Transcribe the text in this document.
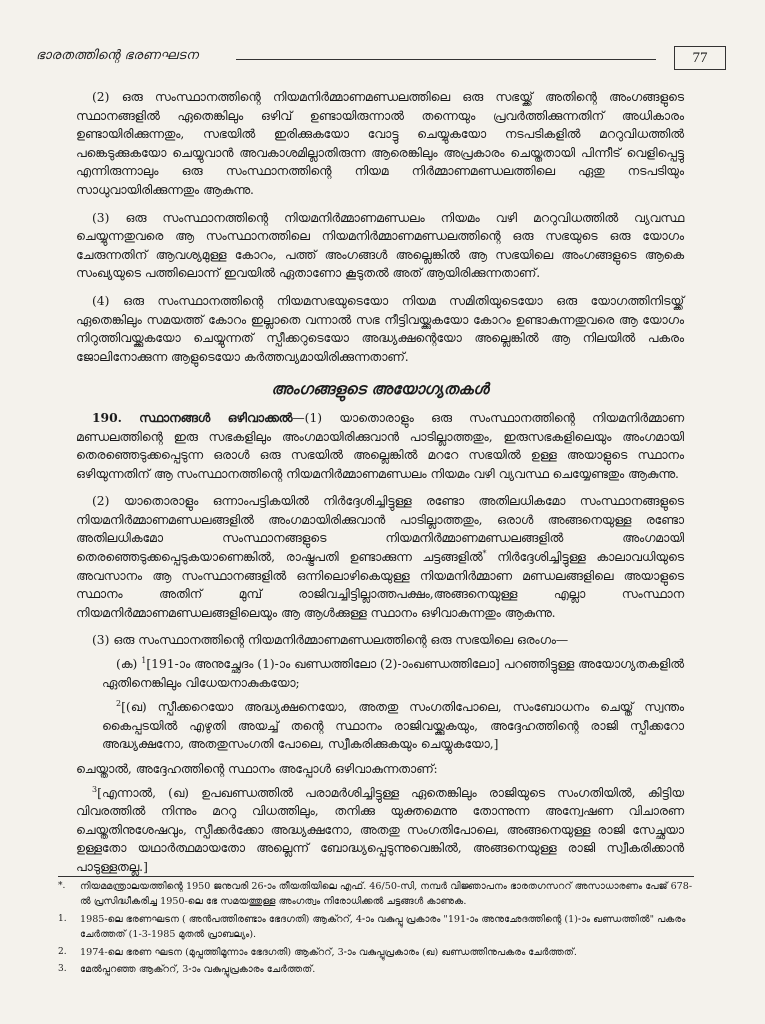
ഭാരതത്തിന്റെ ഭരണഘടന	77

(2) ഒരു സംസ്ഥാനത്തിന്റെ നിയമനിർമ്മാണമണ്ഡലത്തിലെ ഒരു സഭയ്ക്ക് അതിന്റെ അംഗങ്ങളുടെ സ്ഥാനങ്ങളിൽ ഏതെങ്കിലും ഒഴിവ് ഉണ്ടായിരുന്നാൽ തന്നെയും പ്രവർത്തിക്കുന്നതിന് അധികാരം ഉണ്ടായിരിക്കുന്നതും, സഭയിൽ ഇരിക്കുകയോ വോട്ടു ചെയ്യുകയോ നടപടികളിൽ മററുവിധത്തിൽ പങ്കെടുക്കുകയോ ചെയ്യുവാൻ അവകാശമില്ലാതിരുന്ന ആരെങ്കിലും അപ്രകാരം ചെയ്തതായി പിന്നീട് വെളിപ്പെട്ടു എന്നിരുന്നാലും ഒരു സംസ്ഥാനത്തിന്റെ നിയമ നിർമ്മാണമണ്ഡലത്തിലെ ഏതു നടപടിയും സാധുവായിരിക്കുന്നതും ആകുന്നു.

(3) ഒരു സംസ്ഥാനത്തിന്റെ നിയമനിർമ്മാണമണ്ഡലം നിയമം വഴി മററുവിധത്തിൽ വ്യവസ്ഥ ചെയ്യുന്നതുവരെ ആ സംസ്ഥാനത്തിലെ നിയമനിർമ്മാണമണ്ഡലത്തിന്റെ ഒരു സഭയുടെ ഒരു യോഗം ചേരുന്നതിന് ആവശ്യമുള്ള കോറം, പത്ത് അംഗങ്ങൾ അല്ലെങ്കിൽ ആ സഭയിലെ അംഗങ്ങളുടെ ആകെ സംഖ്യയുടെ പത്തിലൊന്ന് ഇവയിൽ ഏതാണോ കൂടുതൽ അത് ആയിരിക്കുന്നതാണ്.

(4) ഒരു സംസ്ഥാനത്തിന്റെ നിയമസഭയുടെയോ നിയമ സമിതിയുടെയോ ഒരു യോഗത്തിനിടയ്ക്ക് ഏതെങ്കിലും സമയത്ത് കോറം ഇല്ലാതെ വന്നാൽ സഭ നീട്ടിവയ്ക്കുകയോ കോറം ഉണ്ടാകുന്നതുവരെ ആ യോഗം നിറുത്തിവയ്ക്കുകയോ ചെയ്യുന്നത് സ്പീക്കറുടെയോ അദ്ധ്യക്ഷന്റെയോ അല്ലെങ്കിൽ ആ നിലയിൽ പകരം ജോലിനോക്കുന്ന ആളുടെയോ കർത്തവ്യമായിരിക്കുന്നതാണ്.

അംഗങ്ങളുടെ അയോഗ്യതകൾ

190. സ്ഥാനങ്ങൾ ഒഴിവാക്കൽ—(1) യാതൊരാളും ഒരു സംസ്ഥാനത്തിന്റെ നിയമനിർമ്മാണ മണ്ഡലത്തിന്റെ ഇരു സഭകളിലും അംഗമായിരിക്കുവാൻ പാടില്ലാത്തതും, ഇരുസഭകളിലെയും അംഗമായി തെരഞ്ഞെടുക്കപ്പെടുന്ന ഒരാൾ ഒരു സഭയിൽ അല്ലെങ്കിൽ മററേ സഭയിൽ ഉള്ള അയാളുടെ സ്ഥാനം ഒഴിയുന്നതിന് ആ സംസ്ഥാനത്തിന്റെ നിയമനിർമ്മാണമണ്ഡലം നിയമം വഴി വ്യവസ്ഥ ചെയ്യേണ്ടതും ആകുന്നു.

(2) യാതൊരാളും ഒന്നാംപട്ടികയിൽ നിർദ്ദേശിച്ചിട്ടുള്ള രണ്ടോ അതിലധികമോ സംസ്ഥാനങ്ങളുടെ നിയമനിർമ്മാണമണ്ഡലങ്ങളിൽ അംഗമായിരിക്കുവാൻ പാടില്ലാത്തതും, ഒരാൾ അങ്ങനെയുള്ള രണ്ടോ അതിലധികമോ സംസ്ഥാനങ്ങളുടെ നിയമനിർമ്മാണമണ്ഡലങ്ങളിൽ അംഗമായി തെരഞ്ഞെടുക്കപ്പെടുകയാണെങ്കിൽ, രാഷ്ട്രപതി ഉണ്ടാക്കുന്ന ചട്ടങ്ങളിൽ* നിർദ്ദേശിച്ചിട്ടുള്ള കാലാവധിയുടെ അവസാനം ആ സംസ്ഥാനങ്ങളിൽ ഒന്നിലൊഴികെയുള്ള നിയമനിർമ്മാണ മണ്ഡലങ്ങളിലെ അയാളുടെ സ്ഥാനം അതിന് മുമ്പ് രാജിവച്ചിട്ടില്ലാത്തപക്ഷം,അങ്ങനെയുള്ള എല്ലാ സംസ്ഥാന നിയമനിർമ്മാണമണ്ഡലങ്ങളിലെയും ആ ആൾക്കുള്ള സ്ഥാനം ഒഴിവാകുന്നതും ആകുന്നു.

(3) ഒരു സംസ്ഥാനത്തിന്റെ നിയമനിർമ്മാണമണ്ഡലത്തിന്റെ ഒരു സഭയിലെ ഒരംഗം—

(ക) $^1$[191-ാം അനുച്ഛേദം (1)-ാം ഖണ്ഡത്തിലോ (2)-ാംഖണ്ഡത്തിലോ] പറഞ്ഞിട്ടുള്ള അയോഗ്യതകളിൽ ഏതിനെങ്കിലും വിധേയനാകുകയോ;

$^2$[(ഖ) സ്പീക്കറെയോ അദ്ധ്യക്ഷനെയോ, അതതു സംഗതിപോലെ, സംബോധനം ചെയ്ത് സ്വന്തം കൈപ്പടയിൽ എഴുതി അയച്ച് തന്റെ സ്ഥാനം രാജിവയ്ക്കുകയും, അദ്ദേഹത്തിന്റെ രാജി സ്പീക്കറോ അദ്ധ്യക്ഷനോ, അതതുസംഗതി പോലെ, സ്വീകരിക്കുകയും ചെയ്യുകയോ,]

ചെയ്താൽ, അദ്ദേഹത്തിന്റെ സ്ഥാനം അപ്പോൾ ഒഴിവാകുന്നതാണ്:

$^3$[എന്നാൽ, (ഖ) ഉപഖണ്ഡത്തിൽ പരാമർശിച്ചിട്ടുള്ള ഏതെങ്കിലും രാജിയുടെ സംഗതിയിൽ, കിട്ടിയ വിവരത്തിൽ നിന്നും മററു വിധത്തിലും, തനിക്കു യുക്തമെന്നു തോന്നുന്ന അന്വേഷണ വിചാരണ ചെയ്തതിനുശേഷവും, സ്പീക്കർക്കോ അദ്ധ്യക്ഷനോ, അതതു സംഗതിപോലെ, അങ്ങനെയുള്ള രാജി സേച്ഛയാ ഉള്ളതോ യഥാർത്ഥമായതോ അല്ലെന്ന് ബോദ്ധ്യപ്പെടുന്നുവെങ്കിൽ, അങ്ങനെയുള്ള രാജി സ്വീകരിക്കാൻ പാടുള്ളതല്ല.]

*.	നിയമമന്ത്രാലയത്തിന്റെ 1950 ജനുവരി 26-ാം തീയതിയിലെ എഫ്. 46/50-സി, നമ്പർ വിജ്ഞാപനം ഭാരതഗസററ് അസാധാരണം പേജ് 678-ൽ പ്രസിദ്ധീകരിച്ച 1950-ലെ ഭേ സമയത്തുള്ള അംഗത്വം നിരോധിക്കൽ ചട്ടങ്ങൾ കാണുക.
1.	1985-ലെ ഭരണഘടന ( അൻപത്തിരണ്ടാം ഭേദഗതി) ആക്ററ്, 4-ാം വകുപ്പു പ്രകാരം "191-ാം അനുഛേദത്തിന്റെ (1)-ാം ഖണ്ഡത്തിൽ" പകരം ചേർത്തത് (1-3-1985 മുതൽ പ്രാബല്യം).
2.	1974-ലെ ഭരണ ഘടന (മുപ്പത്തിമൂന്നാം ഭേദഗതി) ആക്ററ്, 3-ാം വകുപ്പുപ്രകാരം (ഖ) ഖണ്ഡത്തിനുപകരം ചേർത്തത്.
3.	മേൽപ്പറഞ്ഞ ആക്ററ്, 3-ാം വകുപ്പുപ്രകാരം ചേർത്തത്.
